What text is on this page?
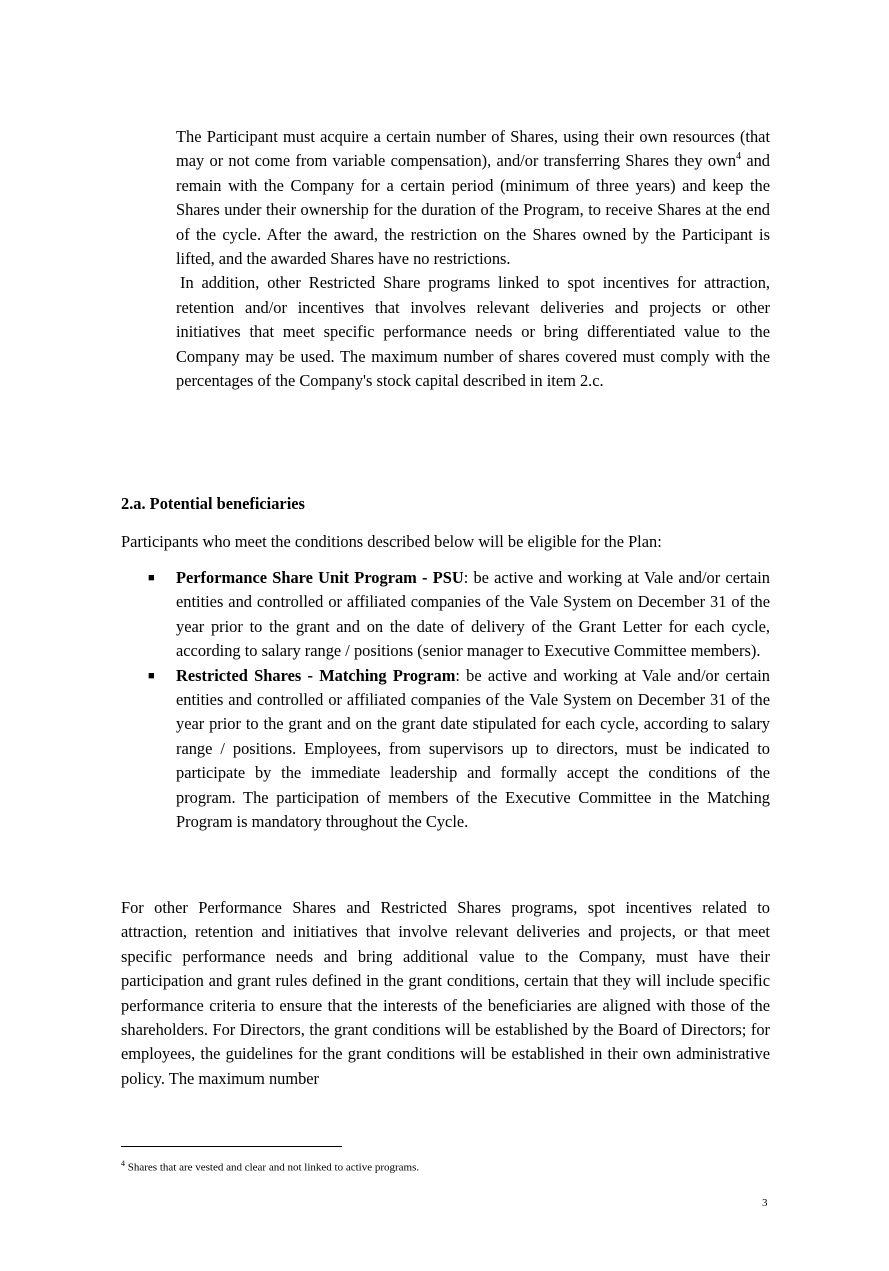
The Participant must acquire a certain number of Shares, using their own resources (that may or not come from variable compensation), and/or transferring Shares they own$^4$ and remain with the Company for a certain period (minimum of three years) and keep the Shares under their ownership for the duration of the Program, to receive Shares at the end of the cycle. After the award, the restriction on the Shares owned by the Participant is lifted, and the awarded Shares have no restrictions.

In addition, other Restricted Share programs linked to spot incentives for attraction, retention and/or incentives that involves relevant deliveries and projects or other initiatives that meet specific performance needs or bring differentiated value to the Company may be used. The maximum number of shares covered must comply with the percentages of the Company's stock capital described in item 2.c.

2.a. Potential beneficiaries

Participants who meet the conditions described below will be eligible for the Plan:

■ Performance Share Unit Program - PSU: be active and working at Vale and/or certain entities and controlled or affiliated companies of the Vale System on December 31 of the year prior to the grant and on the date of delivery of the Grant Letter for each cycle, according to salary range / positions (senior manager to Executive Committee members).
■ Restricted Shares - Matching Program: be active and working at Vale and/or certain entities and controlled or affiliated companies of the Vale System on December 31 of the year prior to the grant and on the grant date stipulated for each cycle, according to salary range / positions. Employees, from supervisors up to directors, must be indicated to participate by the immediate leadership and formally accept the conditions of the program. The participation of members of the Executive Committee in the Matching Program is mandatory throughout the Cycle.

For other Performance Shares and Restricted Shares programs, spot incentives related to attraction, retention and initiatives that involve relevant deliveries and projects, or that meet specific performance needs and bring additional value to the Company, must have their participation and grant rules defined in the grant conditions, certain that they will include specific performance criteria to ensure that the interests of the beneficiaries are aligned with those of the shareholders. For Directors, the grant conditions will be established by the Board of Directors; for employees, the guidelines for the grant conditions will be established in their own administrative policy. The maximum number

$^4$ Shares that are vested and clear and not linked to active programs.

3
